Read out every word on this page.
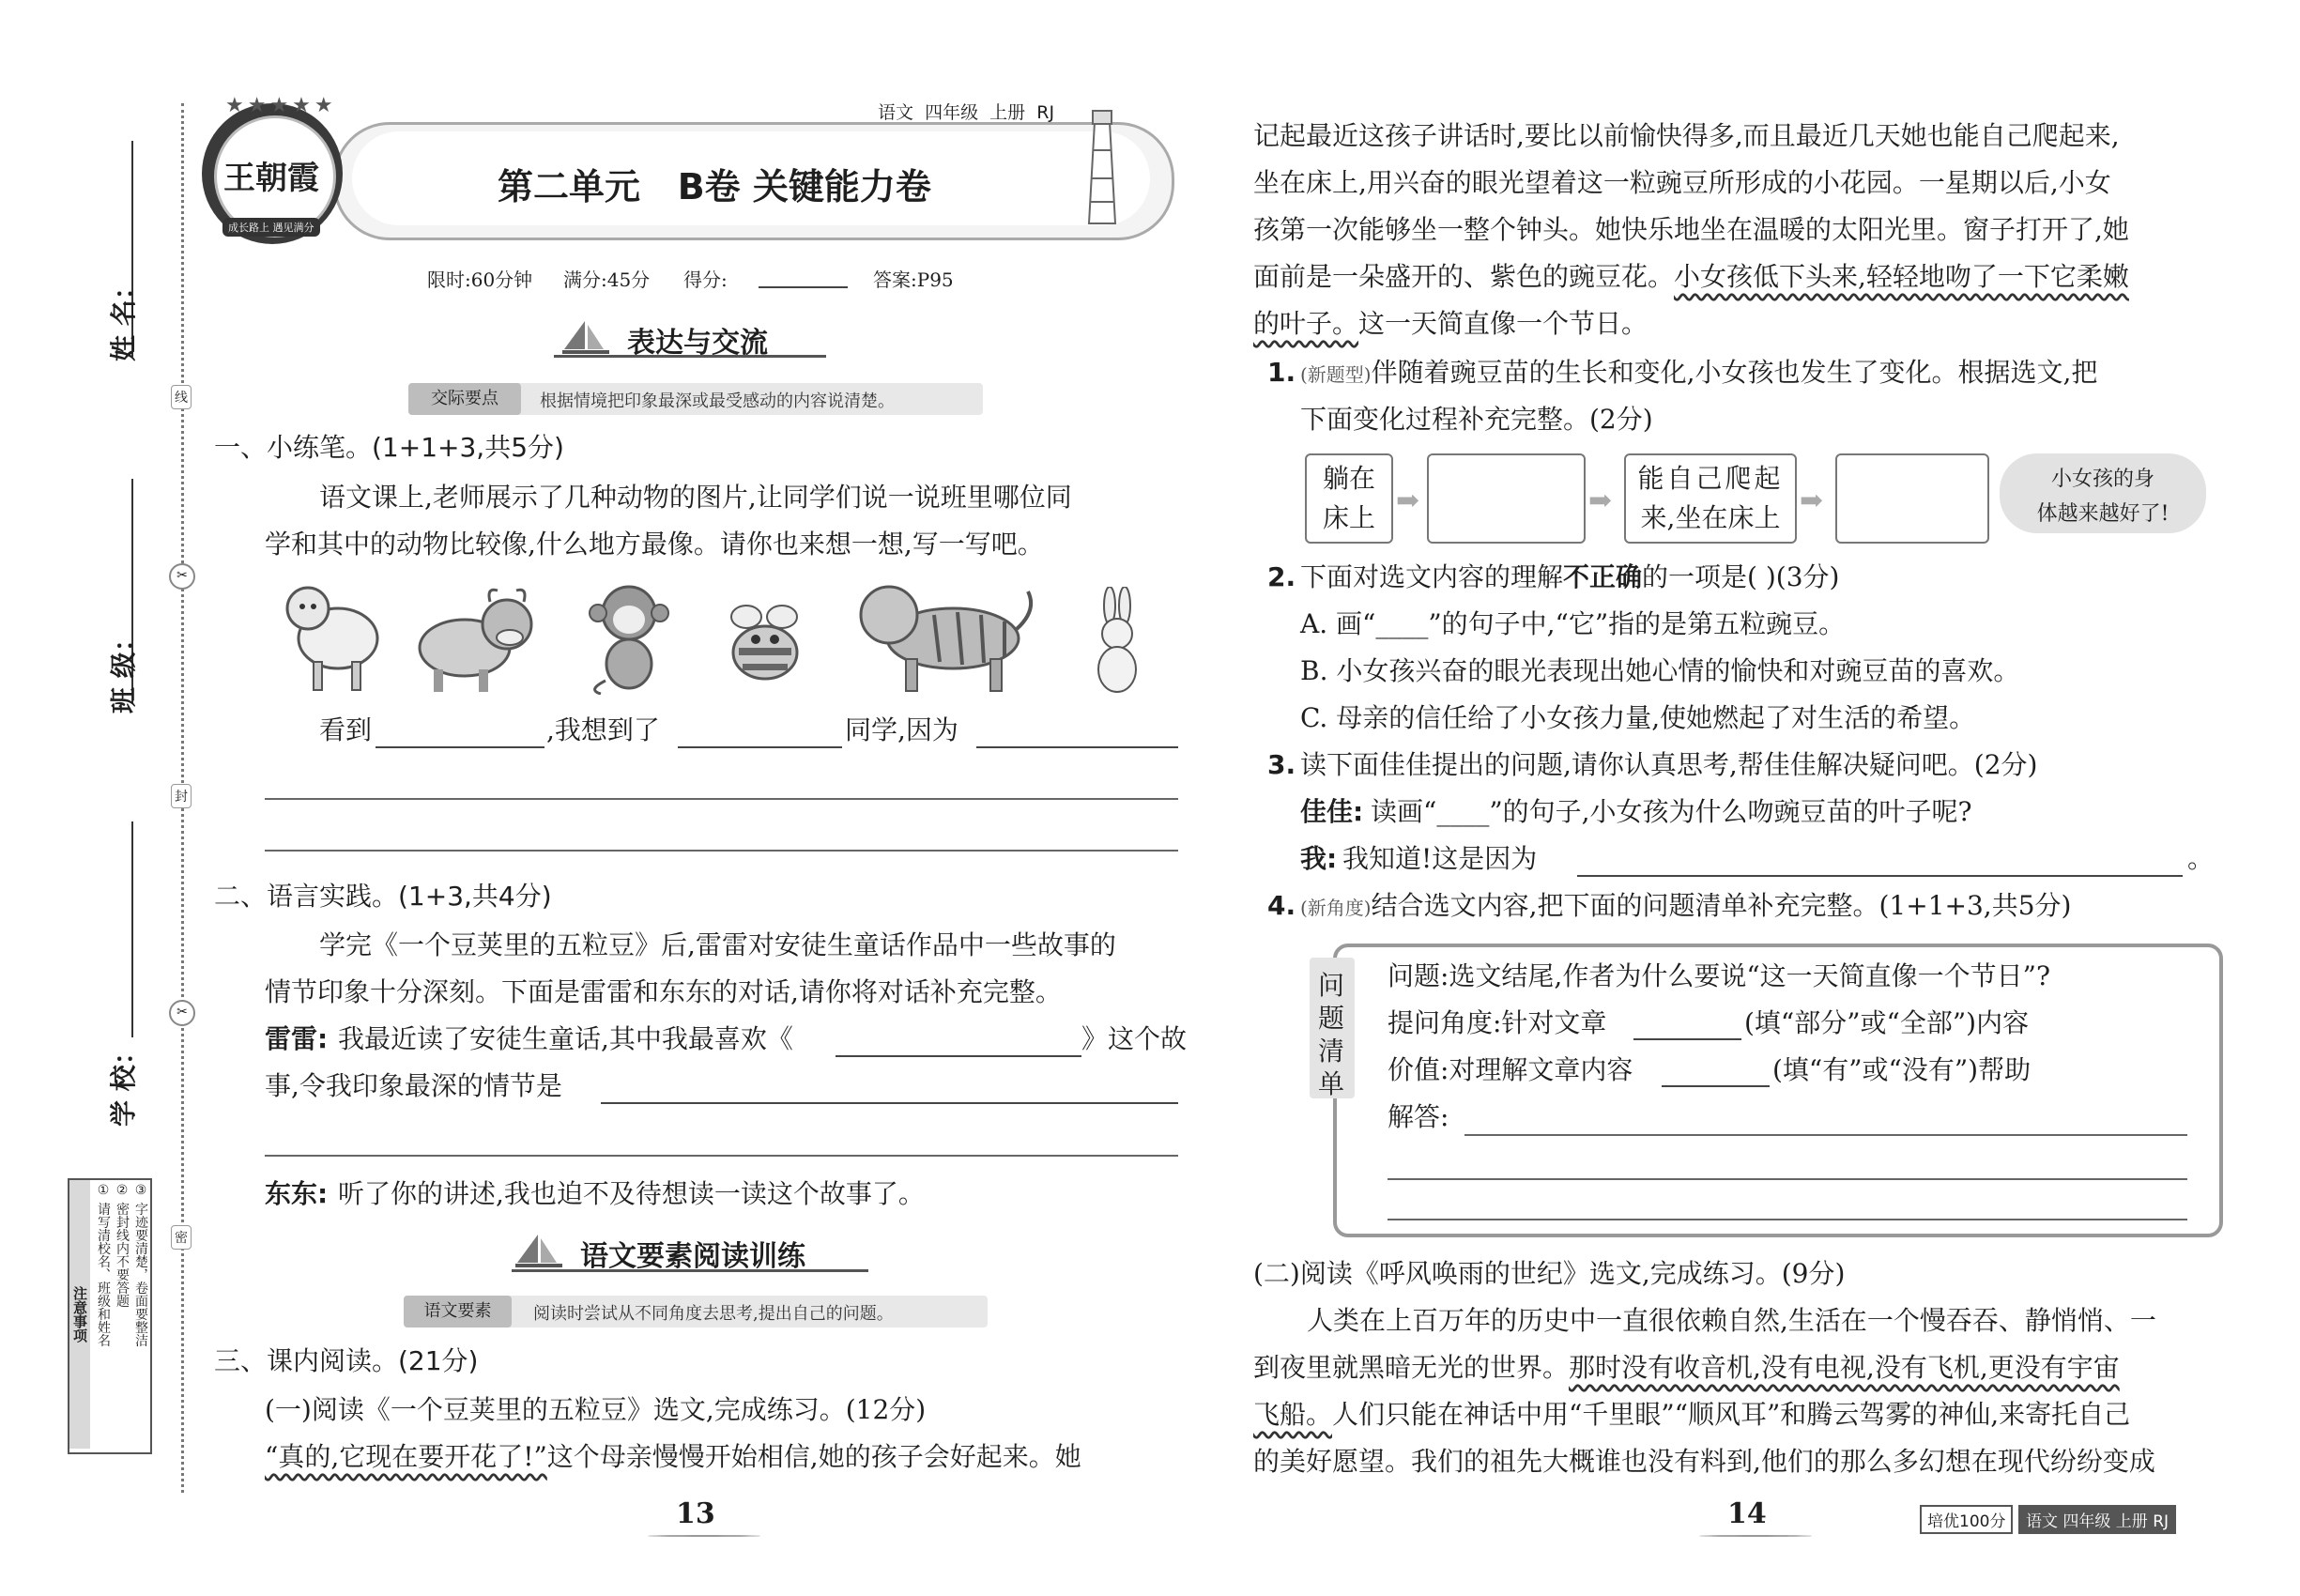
线
封
密
✂
✂
姓 名：
班 级：
学 校：
注意事项 ① 请写清校名、班级和姓名 ② 密封线内不要答题 ③ 字迹要清楚，卷面要整洁
语文  四年级  上册  RJ
第二单元   B卷 关键能力卷
★★★★★
王朝霞
成长路上 遇见满分
限时:60分钟 满分:45分 得分:	答案:P95
表达与交流
交际要点	根据情境把印象最深或最受感动的内容说清楚。
一、小练笔。(1+1+3,共5分)
语文课上,老师展示了几种动物的图片,让同学们说一说班里哪位同
学和其中的动物比较像,什么地方最像。请你也来想一想,写一写吧。
看到	,我想到了	同学,因为
二、语言实践。(1+3,共4分)
学完《一个豆荚里的五粒豆》后,雷雷对安徒生童话作品中一些故事的
情节印象十分深刻。下面是雷雷和东东的对话,请你将对话补充完整。
雷雷: 我最近读了安徒生童话,其中我最喜欢《	》这个故
事,令我印象最深的情节是
东东: 听了你的讲述,我也迫不及待想读一读这个故事了。
语文要素阅读训练
语文要素	阅读时尝试从不同角度去思考,提出自己的问题。
三、课内阅读。(21分)
(一)阅读《一个豆荚里的五粒豆》选文,完成练习。(12分)
“真的,它现在要开花了!”这个母亲慢慢开始相信,她的孩子会好起来。她
13
记起最近这孩子讲话时,要比以前愉快得多,而且最近几天她也能自己爬起来,
坐在床上,用兴奋的眼光望着这一粒豌豆所形成的小花园。一星期以后,小女
孩第一次能够坐一整个钟头。她快乐地坐在温暖的太阳光里。窗子打开了,她
面前是一朵盛开的、紫色的豌豆花。小女孩低下头来,轻轻地吻了一下它柔嫩
的叶子。这一天简直像一个节日。
1. (新题型)伴随着豌豆苗的生长和变化,小女孩也发生了变化。根据选文,把
下面变化过程补充完整。(2分)
躺在
床上
➡	➡
能自己爬起
来,坐在床上
➡
小女孩的身
体越来越好了!
2. 下面对选文内容的理解不正确的一项是( )(3分)
A. 画“____”的句子中,“它”指的是第五粒豌豆。
B. 小女孩兴奋的眼光表现出她心情的愉快和对豌豆苗的喜欢。
C. 母亲的信任给了小女孩力量,使她燃起了对生活的希望。
3. 读下面佳佳提出的问题,请你认真思考,帮佳佳解决疑问吧。(2分)
佳佳: 读画“____”的句子,小女孩为什么吻豌豆苗的叶子呢?
我: 我知道!这是因为	。
4. (新角度)结合选文内容,把下面的问题清单补充完整。(1+1+3,共5分)
问
题
清
单
问题:选文结尾,作者为什么要说“这一天简直像一个节日”?
提问角度:针对文章	(填“部分”或“全部”)内容
价值:对理解文章内容	(填“有”或“没有”)帮助
解答:
(二)阅读《呼风唤雨的世纪》选文,完成练习。(9分)
人类在上百万年的历史中一直很依赖自然,生活在一个慢吞吞、静悄悄、一
到夜里就黑暗无光的世界。那时没有收音机,没有电视,没有飞机,更没有宇宙
飞船。人们只能在神话中用“千里眼”“顺风耳”和腾云驾雾的神仙,来寄托自己
的美好愿望。我们的祖先大概谁也没有料到,他们的那么多幻想在现代纷纷变成
14	培优100分	语文 四年级 上册 RJ
